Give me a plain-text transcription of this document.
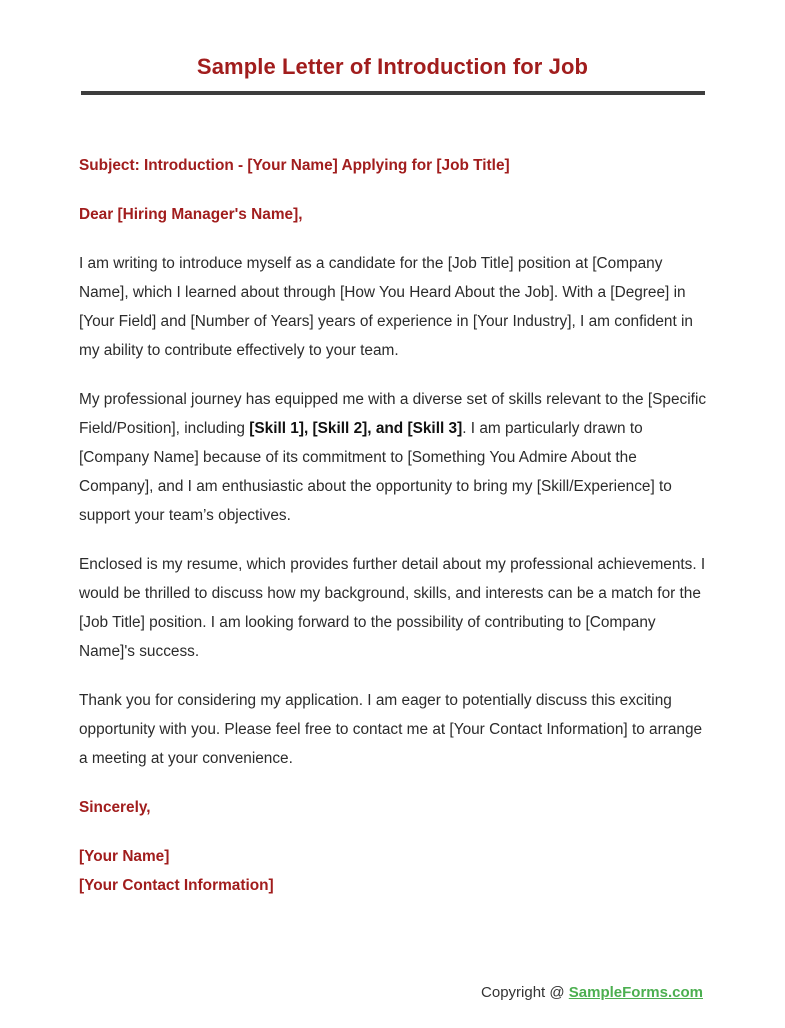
Sample Letter of Introduction for Job

Subject: Introduction - [Your Name] Applying for [Job Title]

Dear [Hiring Manager's Name],

I am writing to introduce myself as a candidate for the [Job Title] position at [Company Name], which I learned about through [How You Heard About the Job]. With a [Degree] in [Your Field] and [Number of Years] years of experience in [Your Industry], I am confident in my ability to contribute effectively to your team.

My professional journey has equipped me with a diverse set of skills relevant to the [Specific Field/Position], including [Skill 1], [Skill 2], and [Skill 3]. I am particularly drawn to [Company Name] because of its commitment to [Something You Admire About the Company], and I am enthusiastic about the opportunity to bring my [Skill/Experience] to support your team’s objectives.

Enclosed is my resume, which provides further detail about my professional achievements. I would be thrilled to discuss how my background, skills, and interests can be a match for the [Job Title] position. I am looking forward to the possibility of contributing to [Company Name]'s success.

Thank you for considering my application. I am eager to potentially discuss this exciting opportunity with you. Please feel free to contact me at [Your Contact Information] to arrange a meeting at your convenience.

Sincerely,

[Your Name]

[Your Contact Information]

Copyright @ SampleForms.com
